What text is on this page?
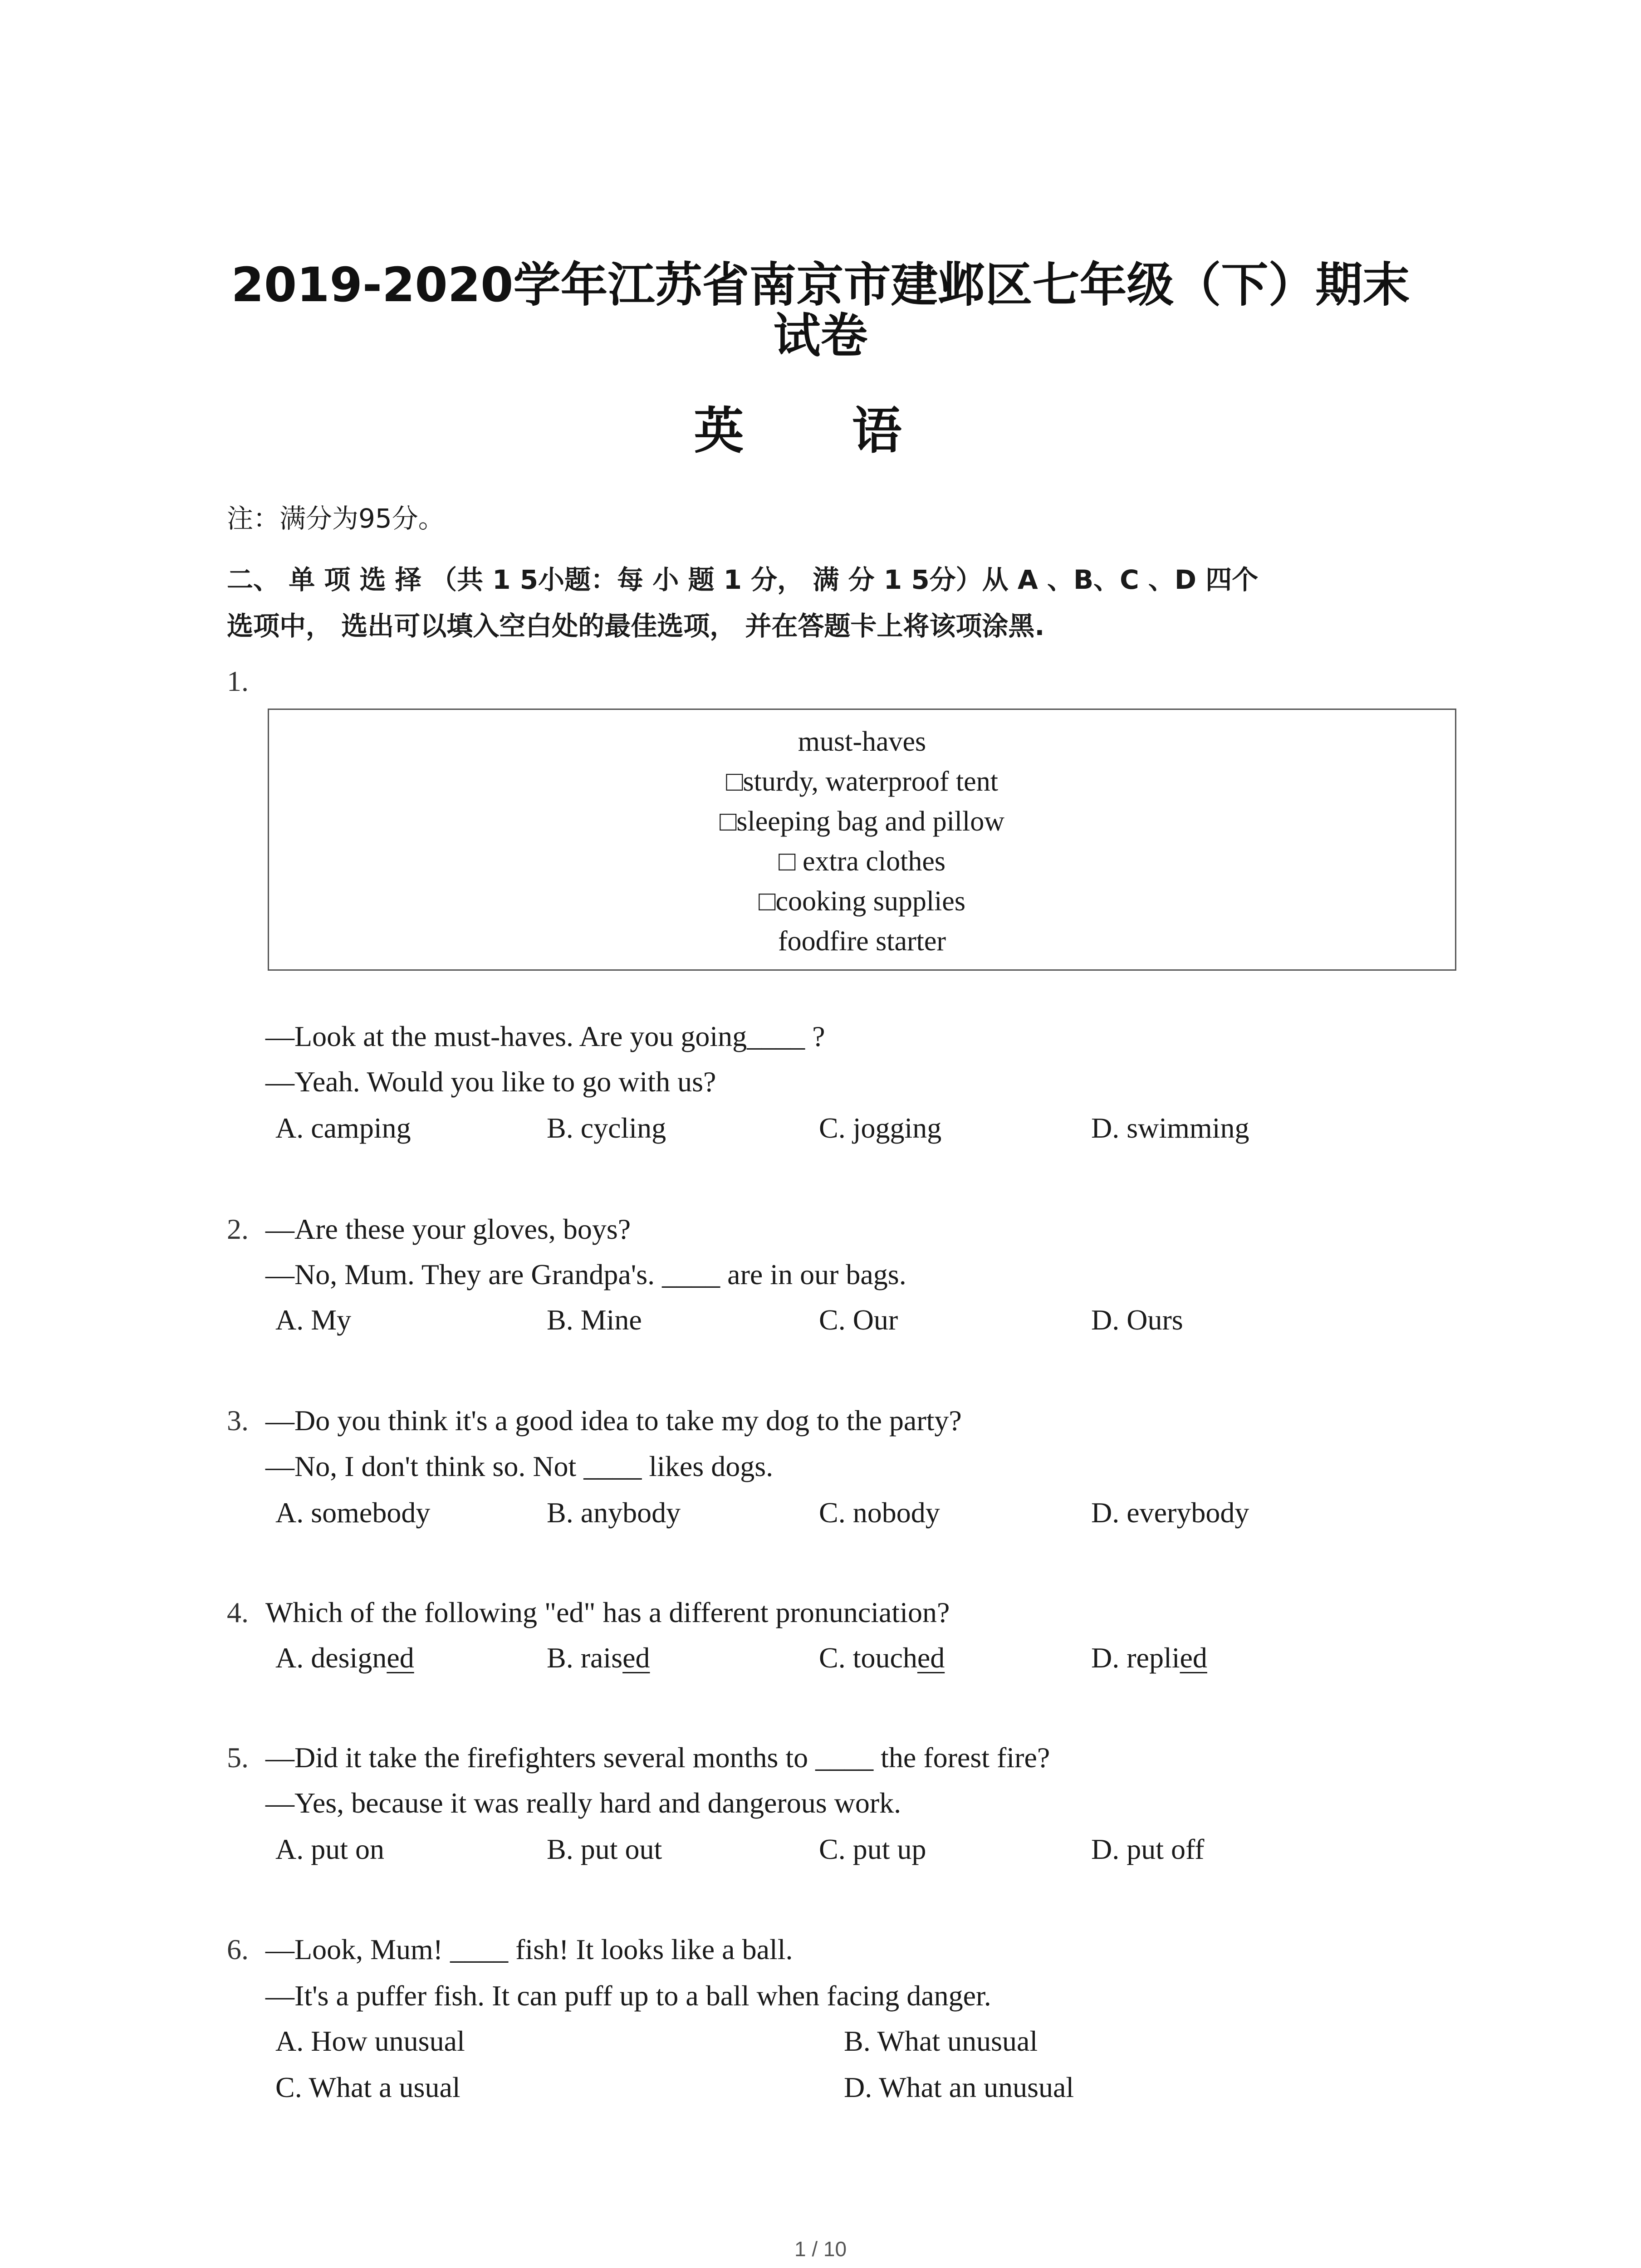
2019-2020学年江苏省南京市建邺区七年级（下）期末
试卷
英 语
注：满分为95分。
二、 单 项 选 择 （共 1 5小题：每 小 题 1 分， 满 分 1 5分）从 A 、B、C 、D 四个
选项中， 选出可以填入空白处的最佳选项， 并在答题卡上将该项涂黑.
1.
must-haves
□sturdy, waterproof tent
□sleeping bag and pillow
□ extra clothes
□cooking supplies
foodfire starter
—Look at the must-haves. Are you going____ ?
—Yeah. Would you like to go with us?
A. camping	B. cycling	C. jogging	D. swimming
2. —Are these your gloves, boys?
—No, Mum. They are Grandpa's. ____ are in our bags.
A. My	B. Mine	C. Our	D. Ours
3. —Do you think it's a good idea to take my dog to the party?
—No, I don't think so. Not ____ likes dogs.
A. somebody	B. anybody	C. nobody	D. everybody
4. Which of the following "ed" has a different pronunciation?
A. designed	B. raised	C. touched	D. replied
5. —Did it take the firefighters several months to ____ the forest fire?
—Yes, because it was really hard and dangerous work.
A. put on	B. put out	C. put up	D. put off
6. —Look, Mum! ____ fish! It looks like a ball.
—It's a puffer fish. It can puff up to a ball when facing danger.
A. How unusual	B. What unusual
C. What a usual	D. What an unusual
1 / 10
